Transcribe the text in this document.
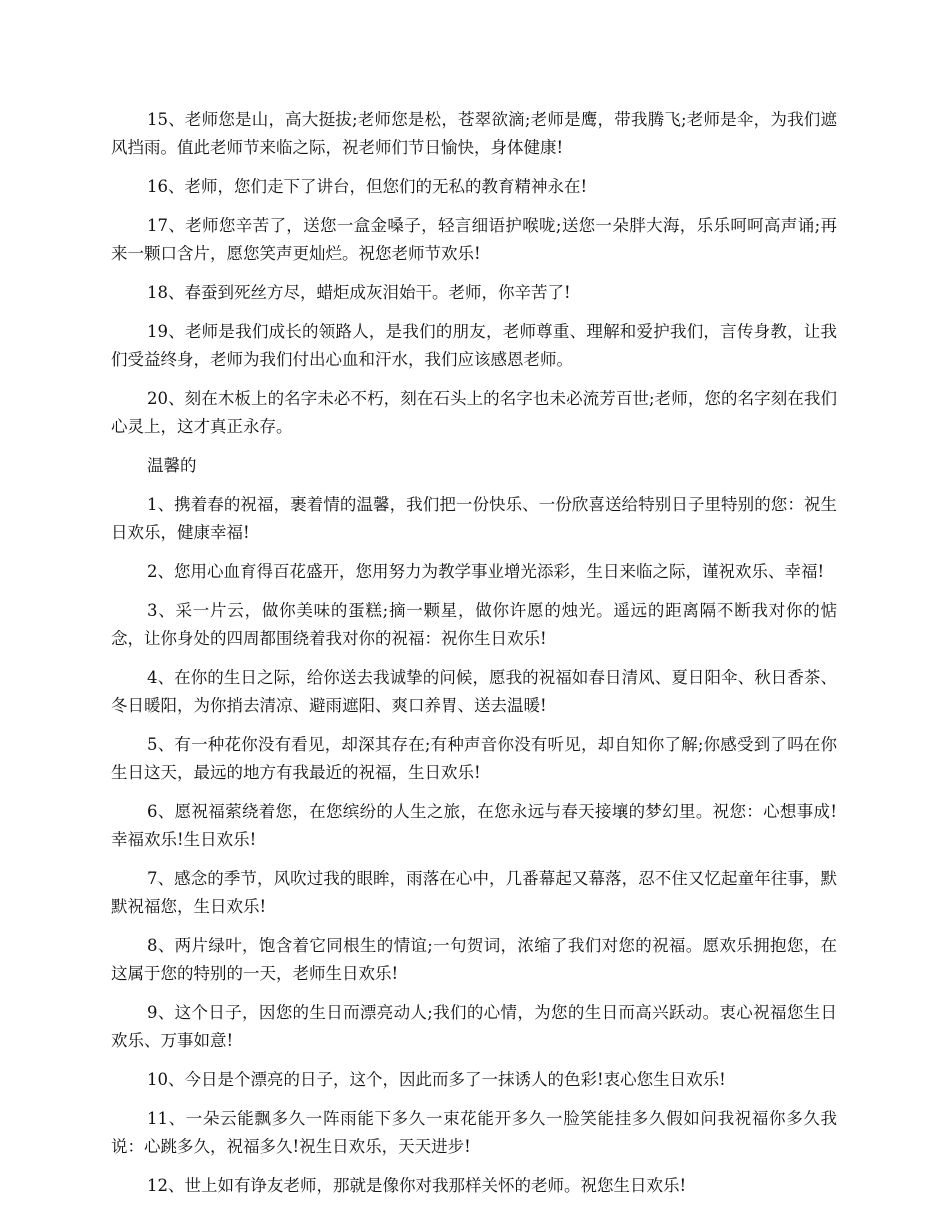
15、老师您是山，高大挺拔;老师您是松，苍翠欲滴;老师是鹰，带我腾飞;老师是伞，为我们遮风挡雨。值此老师节来临之际，祝老师们节日愉快，身体健康!

16、老师，您们走下了讲台，但您们的无私的教育精神永在!

17、老师您辛苦了，送您一盒金嗓子，轻言细语护喉咙;送您一朵胖大海，乐乐呵呵高声诵;再来一颗口含片，愿您笑声更灿烂。祝您老师节欢乐!

18、春蚕到死丝方尽，蜡炬成灰泪始干。老师，你辛苦了!

19、老师是我们成长的领路人，是我们的朋友，老师尊重、理解和爱护我们，言传身教，让我们受益终身，老师为我们付出心血和汗水，我们应该感恩老师。

20、刻在木板上的名字未必不朽，刻在石头上的名字也未必流芳百世;老师，您的名字刻在我们心灵上，这才真正永存。

温馨的

1、携着春的祝福，裹着情的温馨，我们把一份快乐、一份欣喜送给特别日子里特别的您：祝生日欢乐，健康幸福!

2、您用心血育得百花盛开，您用努力为教学事业增光添彩，生日来临之际，谨祝欢乐、幸福!

3、采一片云，做你美味的蛋糕;摘一颗星，做你许愿的烛光。遥远的距离隔不断我对你的惦念，让你身处的四周都围绕着我对你的祝福：祝你生日欢乐!

4、在你的生日之际，给你送去我诚挚的问候，愿我的祝福如春日清风、夏日阳伞、秋日香茶、冬日暖阳，为你捎去清凉、避雨遮阳、爽口养胃、送去温暖!

5、有一种花你没有看见，却深其存在;有种声音你没有听见，却自知你了解;你感受到了吗在你生日这天，最远的地方有我最近的祝福，生日欢乐!

6、愿祝福萦绕着您，在您缤纷的人生之旅，在您永远与春天接壤的梦幻里。祝您：心想事成!幸福欢乐!生日欢乐!

7、感念的季节，风吹过我的眼眸，雨落在心中，几番幕起又幕落，忍不住又忆起童年往事，默默祝福您，生日欢乐!

8、两片绿叶，饱含着它同根生的情谊;一句贺词，浓缩了我们对您的祝福。愿欢乐拥抱您，在这属于您的特别的一天，老师生日欢乐!

9、这个日子，因您的生日而漂亮动人;我们的心情，为您的生日而高兴跃动。衷心祝福您生日欢乐、万事如意!

10、今日是个漂亮的日子，这个，因此而多了一抹诱人的色彩!衷心您生日欢乐!

11、一朵云能飘多久一阵雨能下多久一束花能开多久一脸笑能挂多久假如问我祝福你多久我说：心跳多久，祝福多久!祝生日欢乐，天天进步!

12、世上如有诤友老师，那就是像你对我那样关怀的老师。祝您生日欢乐!
